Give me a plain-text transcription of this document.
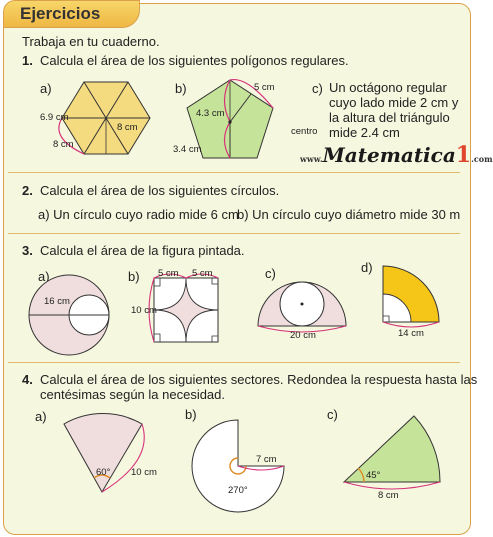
Ejercicios
Trabaja en tu cuaderno.
1. Calcula el área de los siguientes polígonos regulares.
a)
6.9 cm
8 cm
8 cm
b)	5 cm
4.3 cm
centro
3.4 cm
c) Un octágono regular
cuyo lado mide 2 cm y
la altura del triángulo
mide 2.4 cm
www.Matematica1.com
2. Calcula el área de los siguientes círculos.
a) Un círculo cuyo radio mide 6 cm
b) Un círculo cuyo diámetro mide 30 m
3. Calcula el área de la figura pintada.
a)
16 cm
b) 5 cm 5 cm
10 cm
c)
20 cm
d)
14 cm
4. Calcula el área de los siguientes sectores. Redondea la respuesta hasta las
centésimas según la necesidad.
a)
60° 10 cm
b)
7 cm
270°
c)
45°
8 cm
